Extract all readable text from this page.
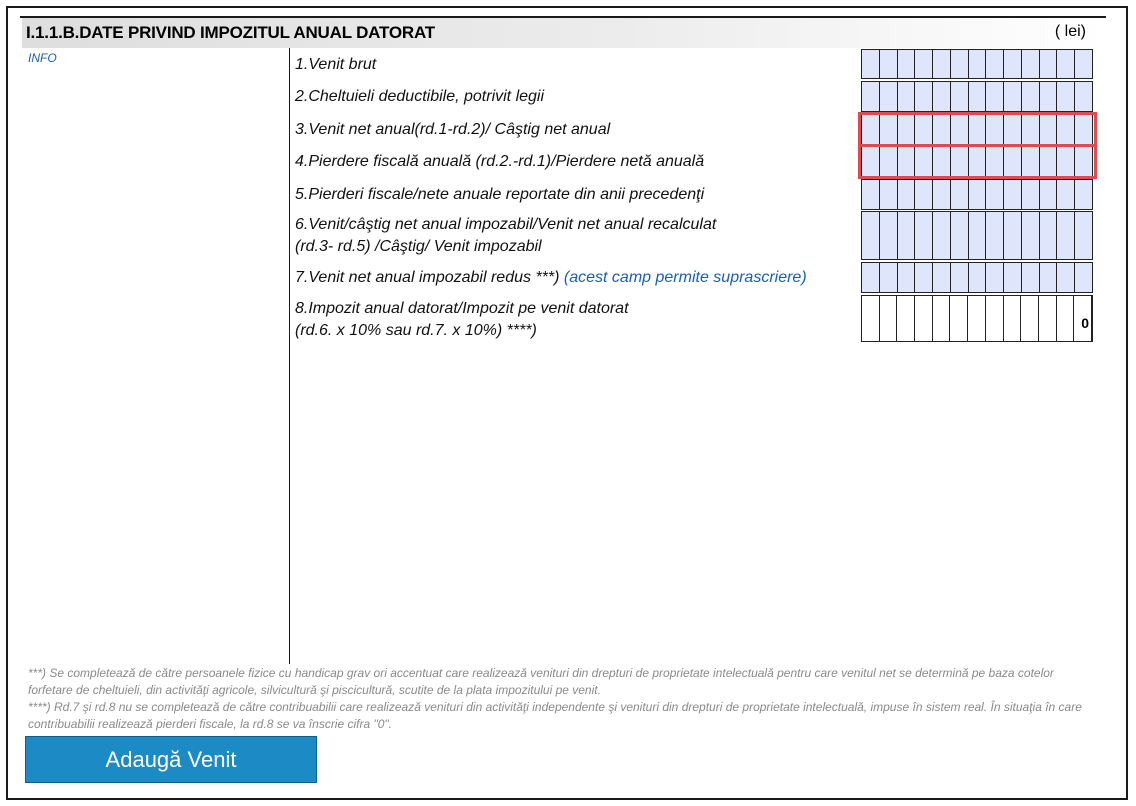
I.1.1.B.DATE PRIVIND IMPOZITUL ANUAL DATORAT	( lei)
INFO	1.Venit brut
2.Cheltuieli deductibile, potrivit legii
3.Venit net anual(rd.1-rd.2)/ Câştig net anual
4.Pierdere fiscală anuală (rd.2.-rd.1)/Pierdere netă anuală
5.Pierderi fiscale/nete anuale reportate din anii precedenţi
6.Venit/câştig net anual impozabil/Venit net anual recalculat
(rd.3- rd.5) /Câştig/ Venit impozabil
7.Venit net anual impozabil redus ***) (acest camp permite suprascriere)
8.Impozit anual datorat/Impozit pe venit datorat
(rd.6. x 10% sau rd.7. x 10%) ****)	0
***) Se completează de către persoanele fizice cu handicap grav ori accentuat care realizează venituri din drepturi de proprietate intelectuală pentru care venitul net se determină pe baza cotelor forfetare de cheltuieli, din activităţi agricole, silvicultură şi piscicultură, scutite de la plata impozitului pe venit.
****) Rd.7 şi rd.8 nu se completează de către contribuabilii care realizează venituri din activităţi independente şi venituri din drepturi de proprietate intelectuală, impuse în sistem real. În situaţia în care contribuabilii realizează pierderi fiscale, la rd.8 se va înscrie cifra "0".
Adaugă Venit
